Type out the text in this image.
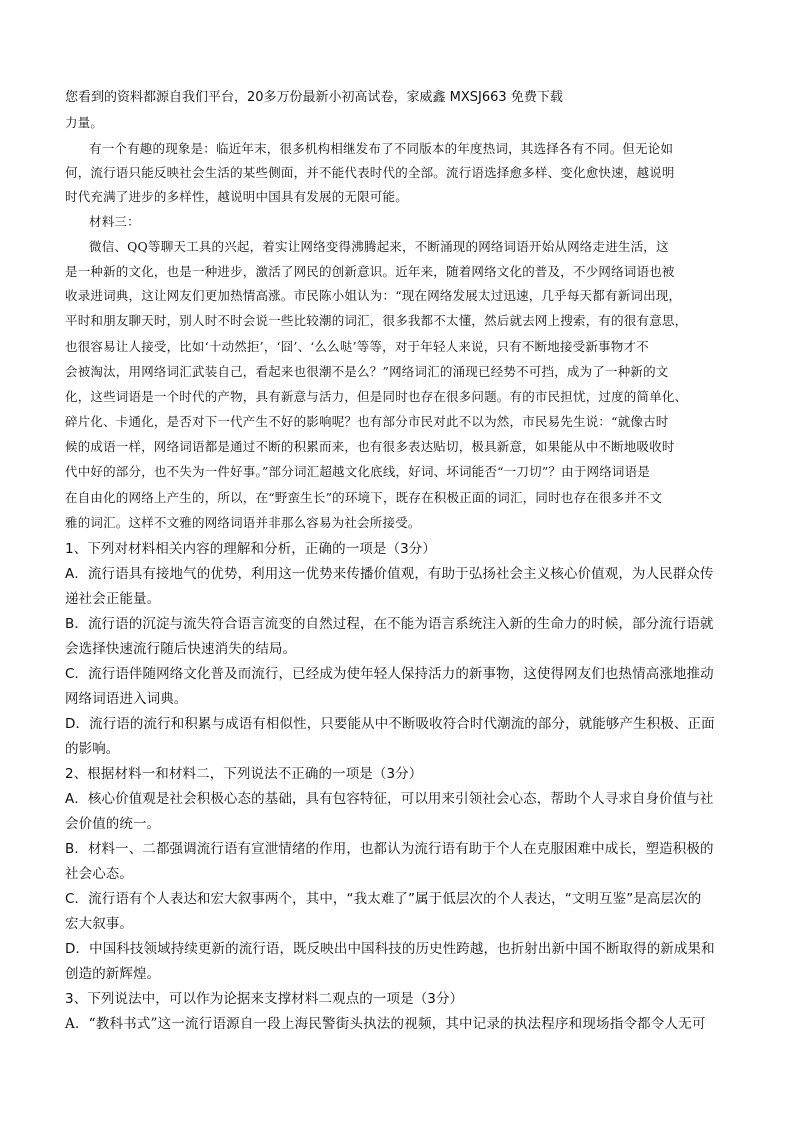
您看到的资料都源自我们平台，20多万份最新小初高试卷，家威鑫 MXSJ663 免费下载
力量。
有一个有趣的现象是：临近年末，很多机构相继发布了不同版本的年度热词，其选择各有不同。但无论如
何，流行语只能反映社会生活的某些侧面，并不能代表时代的全部。流行语选择愈多样、变化愈快速，越说明
时代充满了进步的多样性，越说明中国具有发展的无限可能。
材料三：
微信、QQ等聊天工具的兴起，着实让网络变得沸腾起来，不断涌现的网络词语开始从网络走进生活，这
是一种新的文化，也是一种进步，激活了网民的创新意识。近年来，随着网络文化的普及，不少网络词语也被
收录进词典，这让网友们更加热情高涨。市民陈小姐认为：“现在网络发展太过迅速，几乎每天都有新词出现，
平时和朋友聊天时，别人时不时会说一些比较潮的词汇，很多我都不太懂，然后就去网上搜索，有的很有意思，
也很容易让人接受，比如‘十动然拒’，‘囧’、‘么么哒’等等，对于年轻人来说，只有不断地接受新事物才不
会被淘汰，用网络词汇武装自己，看起来也很潮不是么？”网络词汇的涌现已经势不可挡，成为了一种新的文
化，这些词语是一个时代的产物，具有新意与活力，但是同时也存在很多问题。有的市民担忧，过度的简单化、
碎片化、卡通化，是否对下一代产生不好的影响呢？也有部分市民对此不以为然，市民易先生说：“就像古时
候的成语一样，网络词语都是通过不断的积累而来，也有很多表达贴切，极具新意，如果能从中不断地吸收时
代中好的部分，也不失为一件好事。”部分词汇超越文化底线，好词、坏词能否“一刀切”？由于网络词语是
在自由化的网络上产生的，所以，在“野蛮生长”的环境下，既存在积极正面的词汇，同时也存在很多并不文
雅的词汇。这样不文雅的网络词语并非那么容易为社会所接受。
1、下列对材料相关内容的理解和分析，正确的一项是（3分）
A．流行语具有接地气的优势，利用这一优势来传播价值观，有助于弘扬社会主义核心价值观，为人民群众传
递社会正能量。
B．流行语的沉淀与流失符合语言流变的自然过程，在不能为语言系统注入新的生命力的时候，部分流行语就
会选择快速流行随后快速消失的结局。
C．流行语伴随网络文化普及而流行，已经成为使年轻人保持活力的新事物，这使得网友们也热情高涨地推动
网络词语进入词典。
D．流行语的流行和积累与成语有相似性，只要能从中不断吸收符合时代潮流的部分，就能够产生积极、正面
的影响。
2、根据材料一和材料二，下列说法不正确的一项是（3分）
A．核心价值观是社会积极心态的基础，具有包容特征，可以用来引领社会心态，帮助个人寻求自身价值与社
会价值的统一。
B．材料一、二都强调流行语有宣泄情绪的作用，也都认为流行语有助于个人在克服困难中成长，塑造积极的
社会心态。
C．流行语有个人表达和宏大叙事两个，其中，“我太难了”属于低层次的个人表达，“文明互鉴”是高层次的
宏大叙事。
D．中国科技领域持续更新的流行语，既反映出中国科技的历史性跨越，也折射出新中国不断取得的新成果和
创造的新辉煌。
3、下列说法中，可以作为论据来支撑材料二观点的一项是（3分）
A．“教科书式”这一流行语源自一段上海民警街头执法的视频，其中记录的执法程序和现场指令都令人无可
